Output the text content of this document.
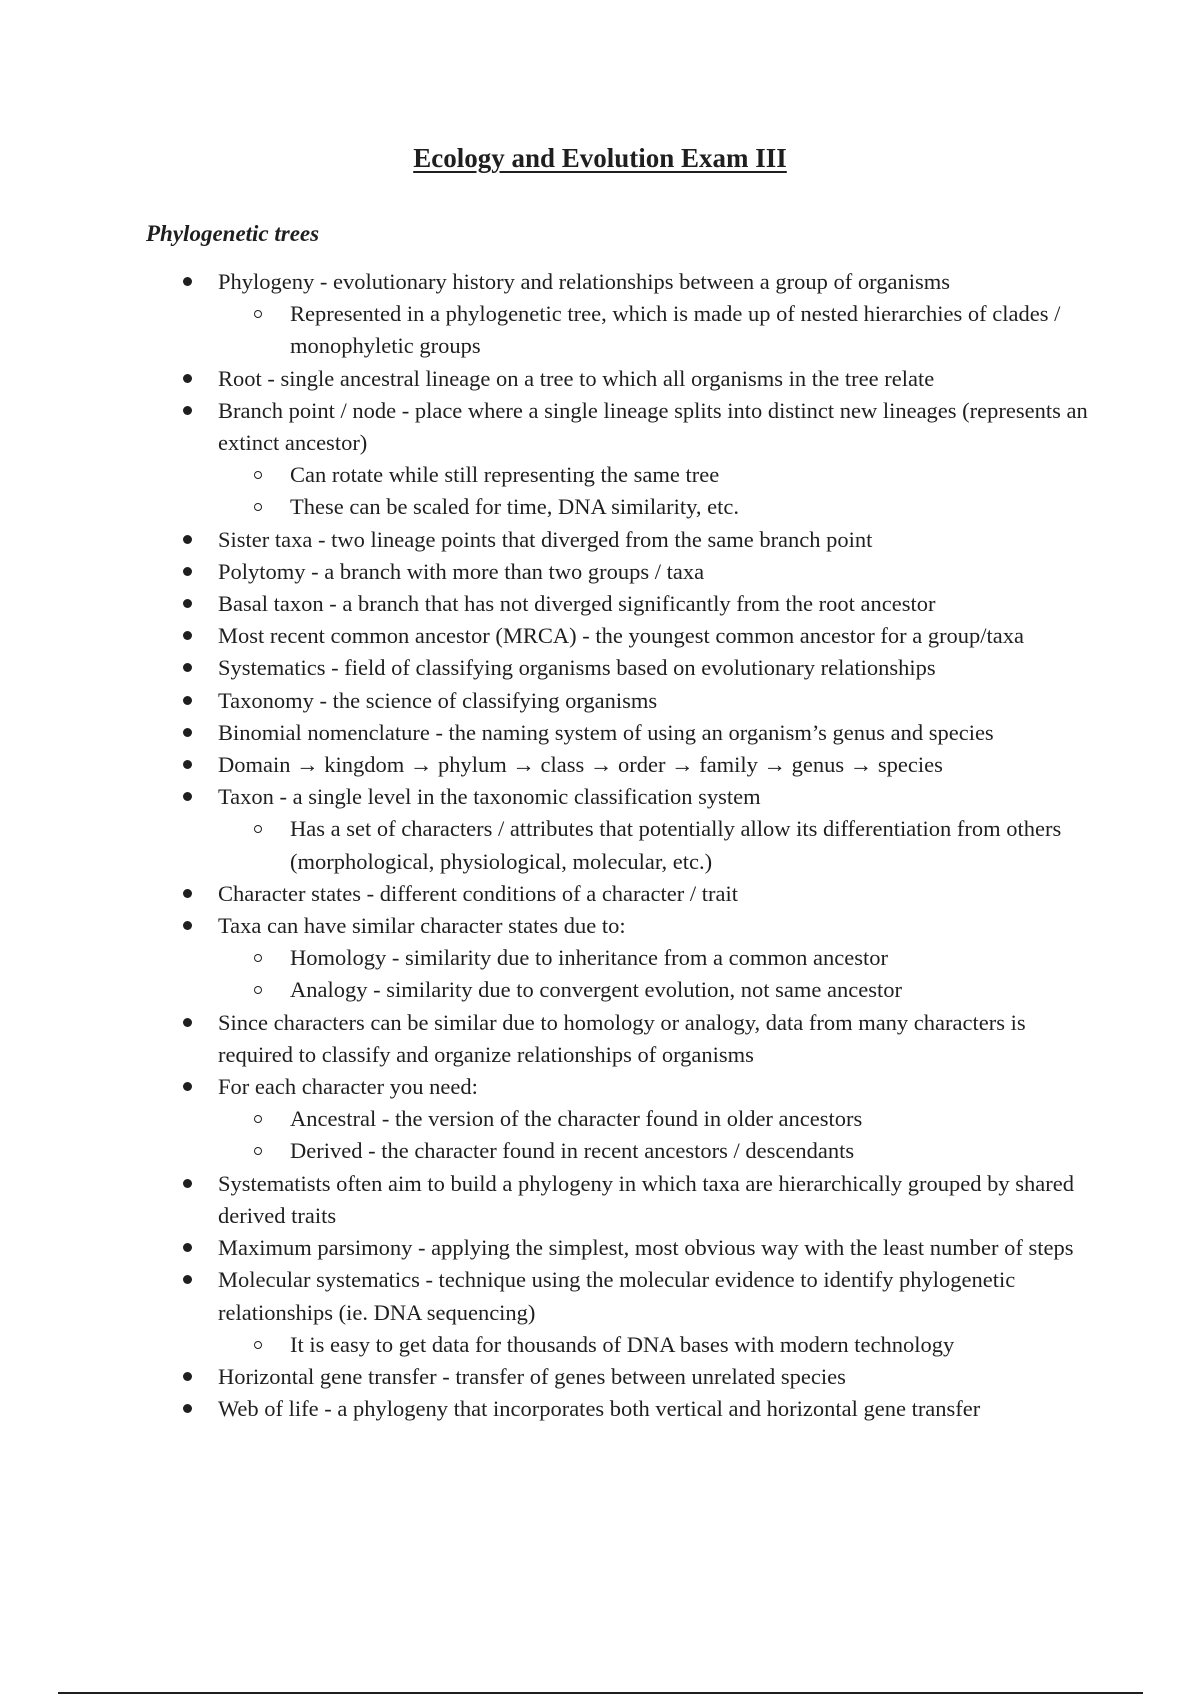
Ecology and Evolution Exam III
Phylogenetic trees
Phylogeny - evolutionary history and relationships between a group of organisms
Represented in a phylogenetic tree, which is made up of nested hierarchies of clades / monophyletic groups
Root - single ancestral lineage on a tree to which all organisms in the tree relate
Branch point / node - place where a single lineage splits into distinct new lineages (represents an extinct ancestor)
Can rotate while still representing the same tree
These can be scaled for time, DNA similarity, etc.
Sister taxa - two lineage points that diverged from the same branch point
Polytomy - a branch with more than two groups / taxa
Basal taxon - a branch that has not diverged significantly from the root ancestor
Most recent common ancestor (MRCA) - the youngest common ancestor for a group/taxa
Systematics - field of classifying organisms based on evolutionary relationships
Taxonomy - the science of classifying organisms
Binomial nomenclature - the naming system of using an organism’s genus and species
Domain → kingdom → phylum → class → order → family → genus → species
Taxon - a single level in the taxonomic classification system
Has a set of characters / attributes that potentially allow its differentiation from others (morphological, physiological, molecular, etc.)
Character states - different conditions of a character / trait
Taxa can have similar character states due to:
Homology - similarity due to inheritance from a common ancestor
Analogy - similarity due to convergent evolution, not same ancestor
Since characters can be similar due to homology or analogy, data from many characters is required to classify and organize relationships of organisms
For each character you need:
Ancestral - the version of the character found in older ancestors
Derived - the character found in recent ancestors / descendants
Systematists often aim to build a phylogeny in which taxa are hierarchically grouped by shared derived traits
Maximum parsimony - applying the simplest, most obvious way with the least number of steps
Molecular systematics - technique using the molecular evidence to identify phylogenetic relationships (ie. DNA sequencing)
It is easy to get data for thousands of DNA bases with modern technology
Horizontal gene transfer - transfer of genes between unrelated species
Web of life - a phylogeny that incorporates both vertical and horizontal gene transfer
